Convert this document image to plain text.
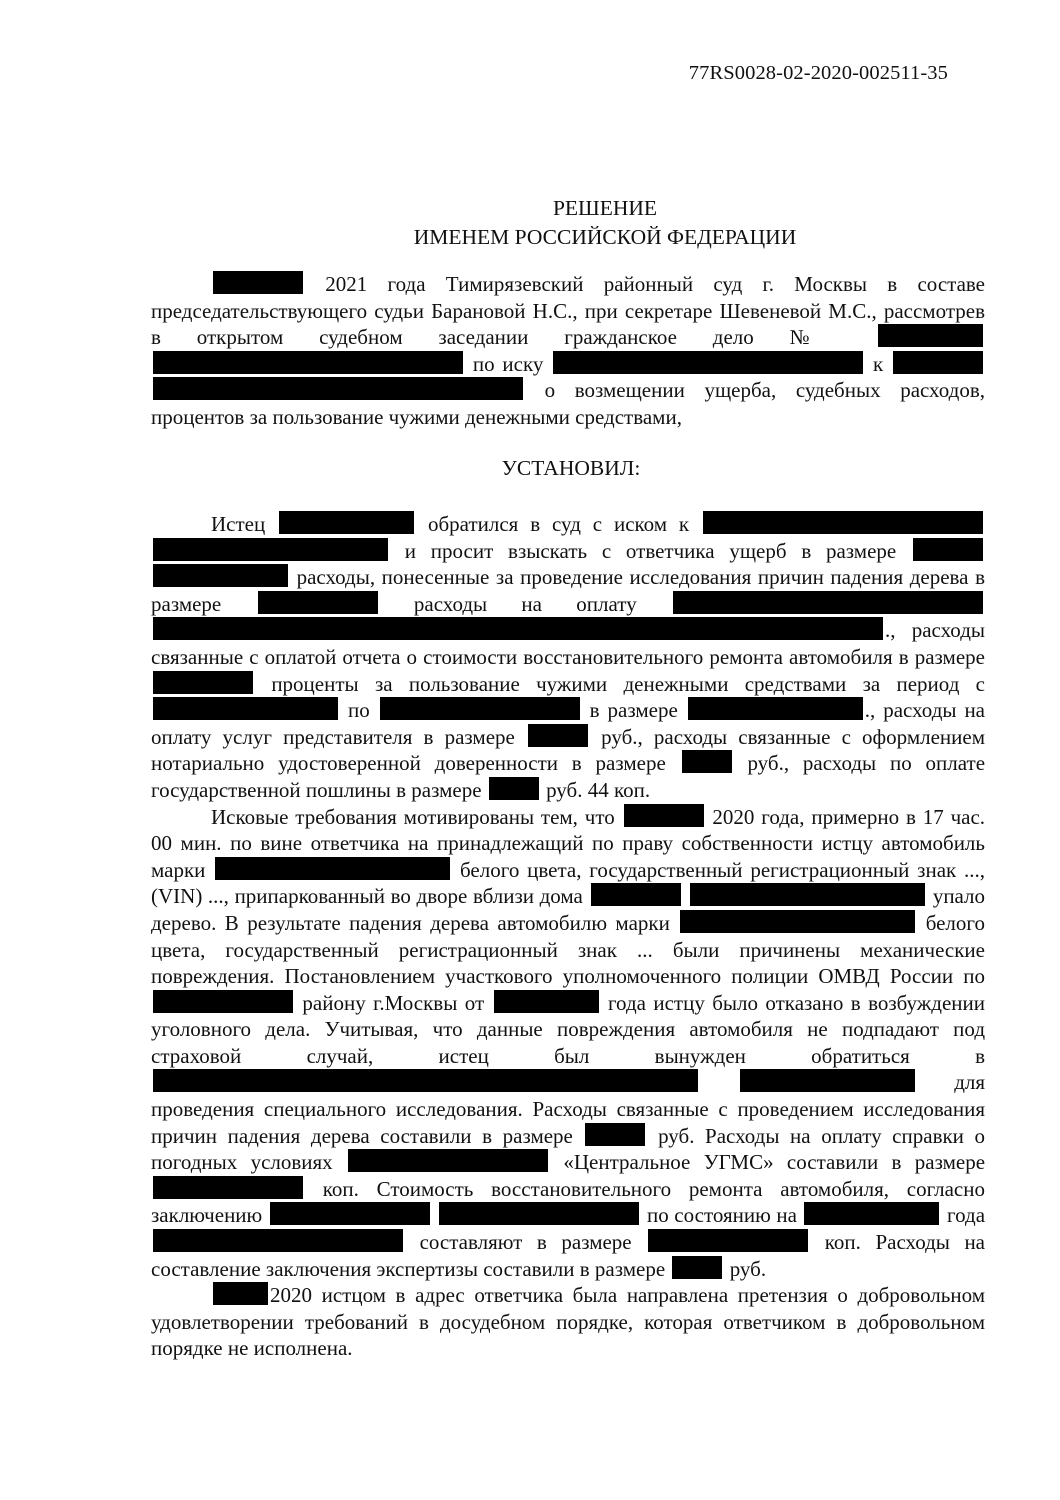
77RS0028-02-2020-002511-35
РЕШЕНИЕ
ИМЕНЕМ РОССИЙСКОЙ ФЕДЕРАЦИИ

2021 года Тимирязевский районный суд г. Москвы в составе председательствующего судьи Барановой Н.С., при секретаре Шевеневой М.С., рассмотрев в открытом судебном заседании гражданское дело №   по иску	к   о возмещении ущерба, судебных расходов, процентов за пользование чужими денежными средствами,

УСТАНОВИЛ:

Истец	обратился в суд с иском к   и просит взыскать с ответчика ущерб в размере   расходы, понесенные за проведение исследования причин падения дерева в размере	расходы на оплату  ., расходы связанные с оплатой отчета о стоимости восстановительного ремонта автомобиля в размере  проценты за пользование чужими денежными средствами за период с  по	в размере	., расходы на оплату услуг представителя в размере	руб., расходы связанные с оформлением нотариально удостоверенной доверенности в размере	руб., расходы по оплате государственной пошлины в размере	руб. 44 коп.

Исковые требования мотивированы тем, что	2020 года, примерно в 17 час. 00 мин. по вине ответчика на принадлежащий по праву собственности истцу автомобиль марки	белого цвета, государственный регистрационный знак ..., (VIN) ..., припаркованный во дворе вблизи дома	упало дерево. В результате падения дерева автомобилю марки	белого цвета, государственный регистрационный знак ... были причинены механические повреждения. Постановлением участкового уполномоченного полиции ОМВД России по  району г.Москвы от	года истцу было отказано в возбуждении уголовного дела. Учитывая, что данные повреждения автомобиля не подпадают под страховой случай, истец был вынужден обратиться в   для проведения специального исследования. Расходы связанные с проведением исследования причин падения дерева составили в размере	руб. Расходы на оплату справки о погодных условиях	«Центральное УГМС» составили в размере  коп. Стоимость восстановительного ремонта автомобиля, согласно заключению	по состоянию на	года  составляют в размере	коп. Расходы на составление заключения экспертизы составили в размере	руб.

2020 истцом в адрес ответчика была направлена претензия о добровольном удовлетворении требований в досудебном порядке, которая ответчиком в добровольном порядке не исполнена.
